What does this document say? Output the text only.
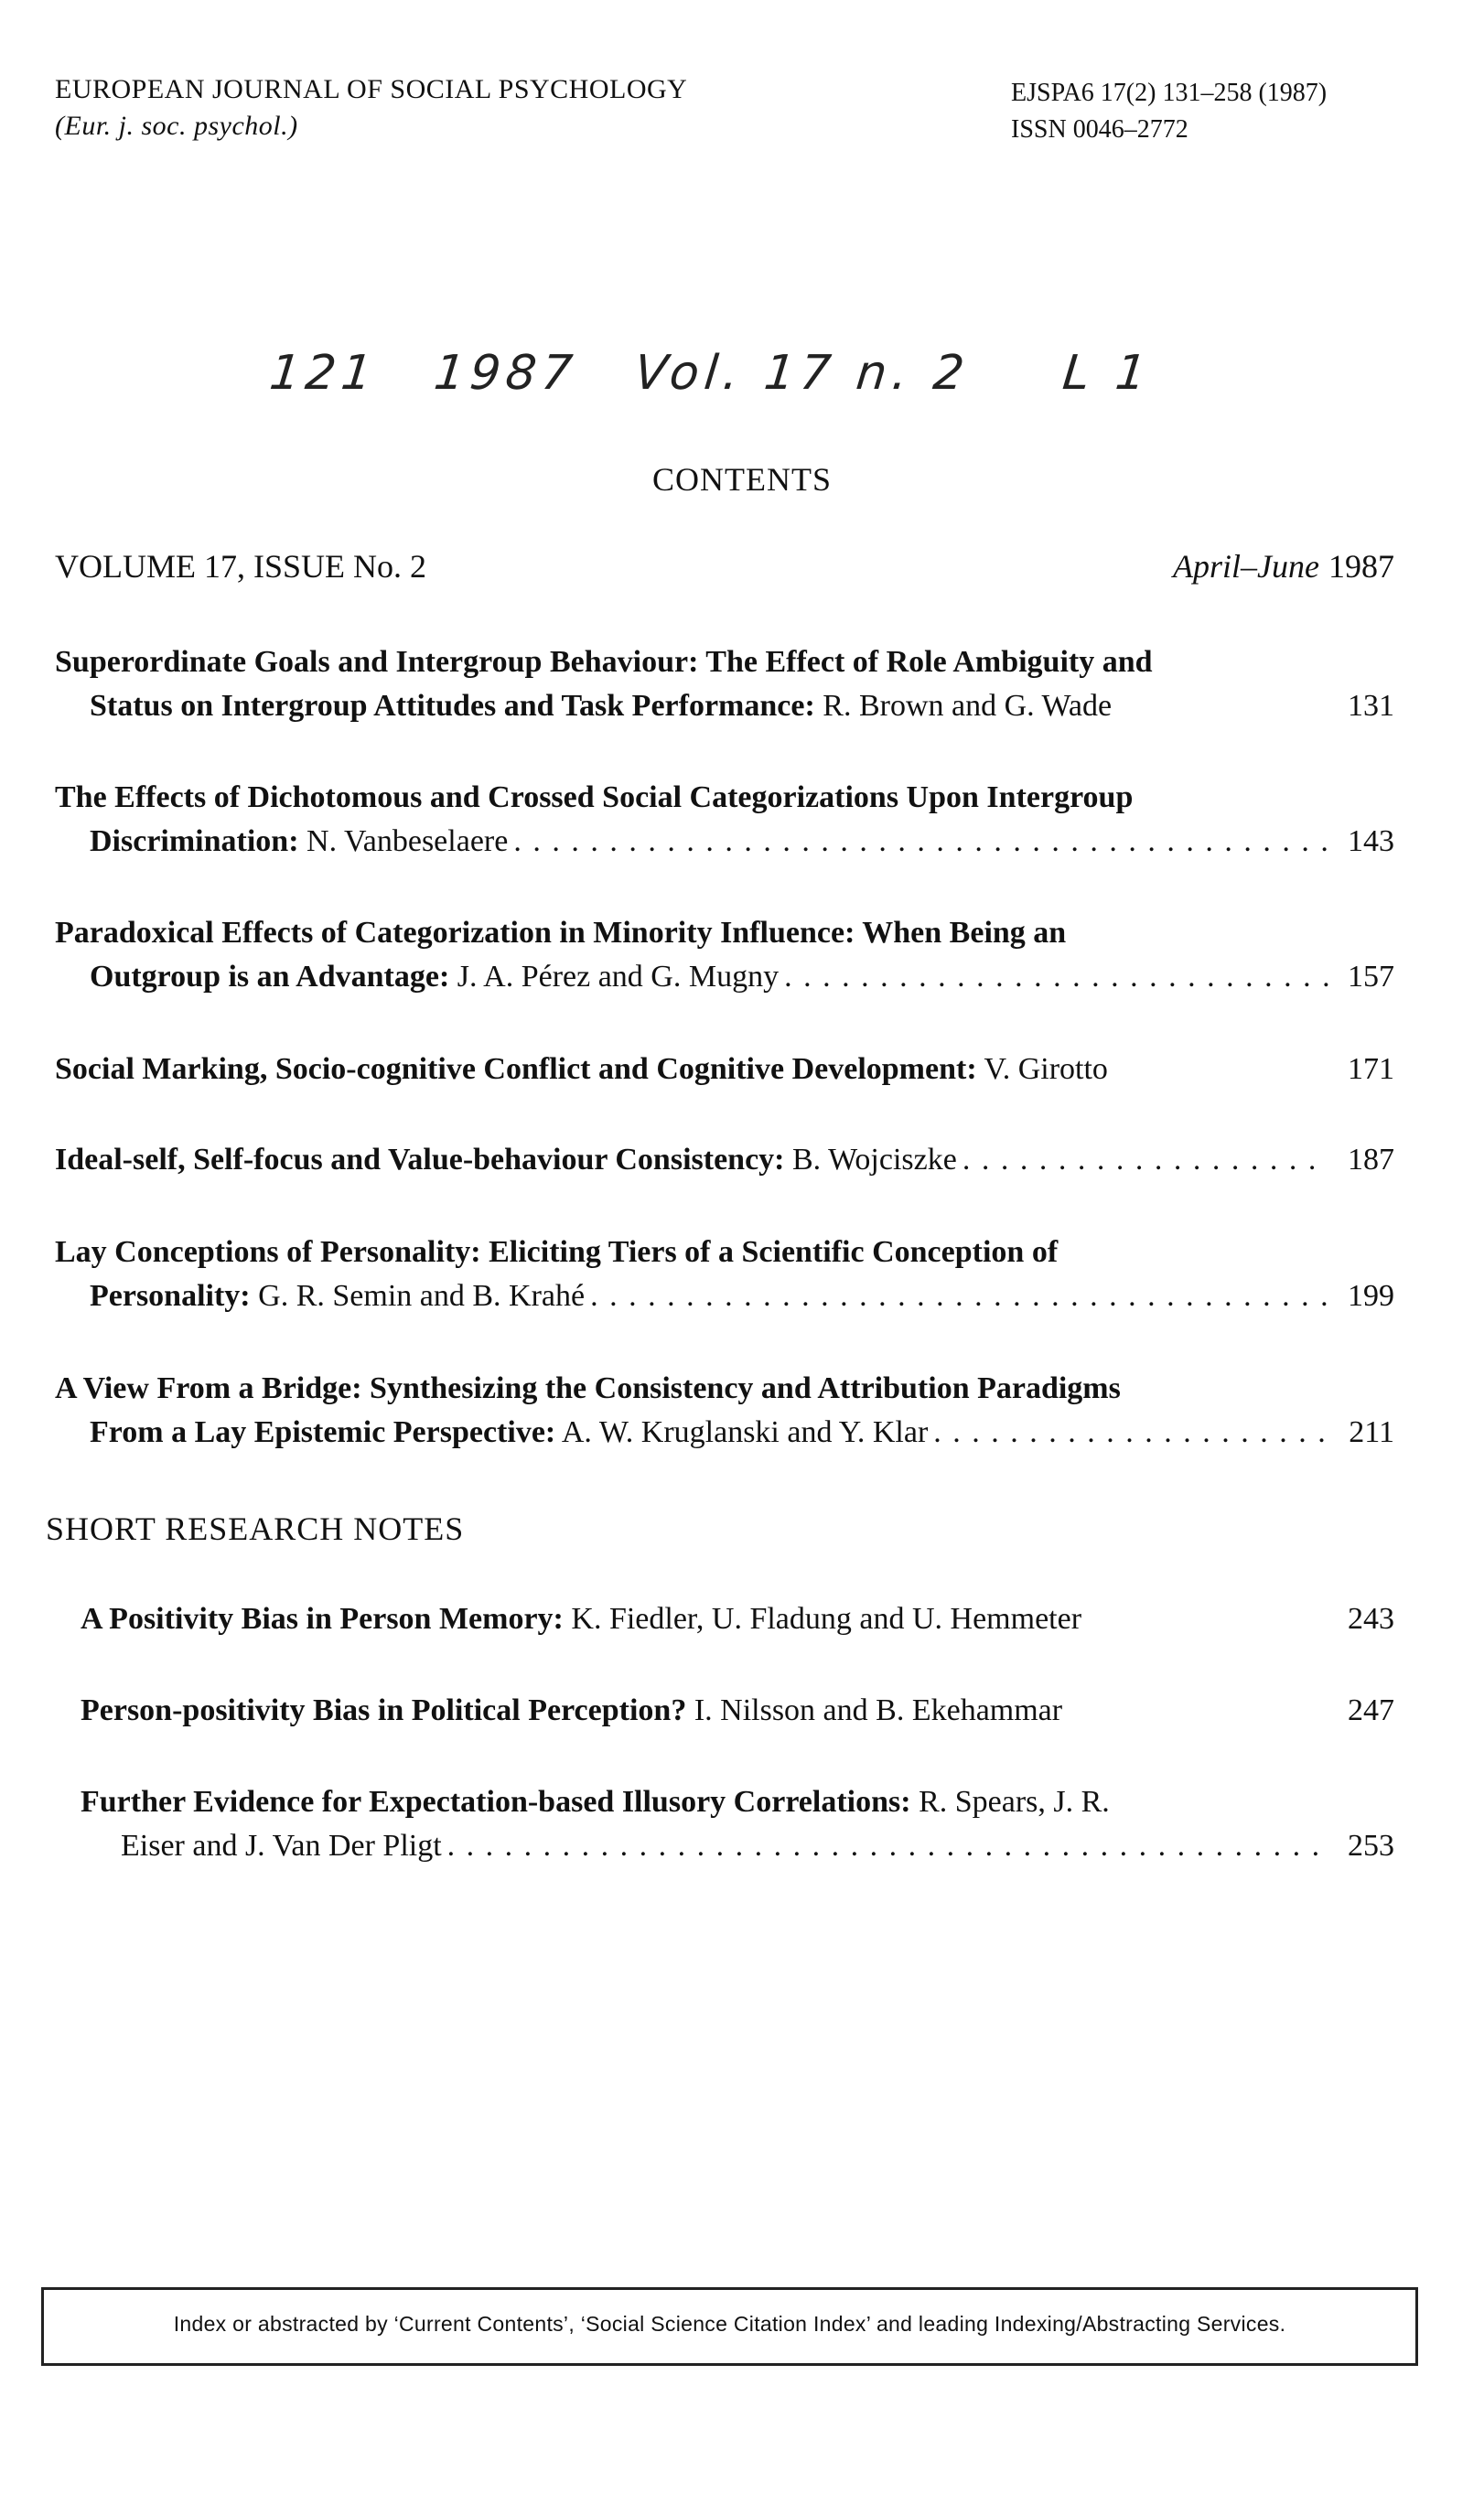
EUROPEAN JOURNAL OF SOCIAL PSYCHOLOGY
(Eur. j. soc. psychol.)
EJSPA6 17(2) 131–258 (1987)
ISSN 0046–2772
121 1987 Vol. 17 n. 2 L 1
CONTENTS
VOLUME 17, ISSUE No. 2	April–June 1987
Superordinate Goals and Intergroup Behaviour: The Effect of Role Ambiguity and
Status on Intergroup Attitudes and Task Performance: R. Brown and G. Wade	131
The Effects of Dichotomous and Crossed Social Categorizations Upon Intergroup
Discrimination: N. Vanbeselaere . . .	143
Paradoxical Effects of Categorization in Minority Influence: When Being an
Outgroup is an Advantage: J. A. Pérez and G. Mugny . . .	157
Social Marking, Socio-cognitive Conflict and Cognitive Development: V. Girotto	171
Ideal-self, Self-focus and Value-behaviour Consistency: B. Wojciszke . . .	187
Lay Conceptions of Personality: Eliciting Tiers of a Scientific Conception of
Personality: G. R. Semin and B. Krahé . . .	199
A View From a Bridge: Synthesizing the Consistency and Attribution Paradigms
From a Lay Epistemic Perspective: A. W. Kruglanski and Y. Klar . . .	211
SHORT RESEARCH NOTES
A Positivity Bias in Person Memory: K. Fiedler, U. Fladung and U. Hemmeter	243
Person-positivity Bias in Political Perception? I. Nilsson and B. Ekehammar	247
Further Evidence for Expectation-based Illusory Correlations: R. Spears, J. R.
Eiser and J. Van Der Pligt . . .	253
Index or abstracted by ‘Current Contents’, ‘Social Science Citation Index’ and leading Indexing/Abstracting Services.
